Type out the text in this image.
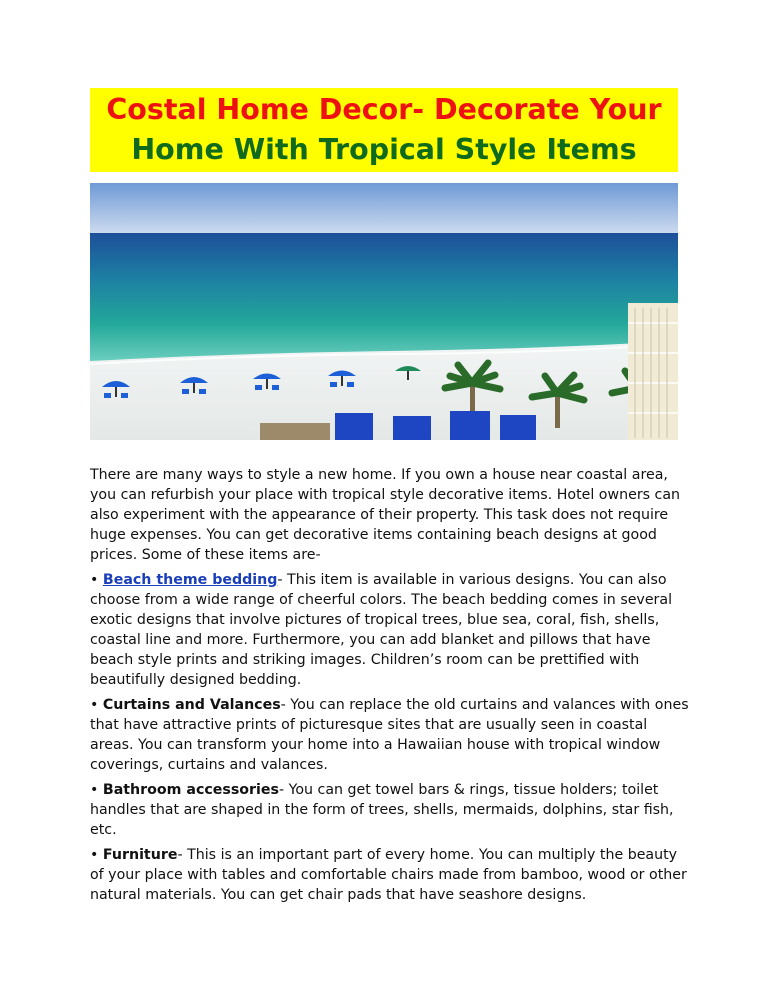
Costal Home Decor- Decorate Your
Home With Tropical Style Items

There are many ways to style a new home. If you own a house near coastal area, you can refurbish your place with tropical style decorative items. Hotel owners can also experiment with the appearance of their property. This task does not require huge expenses. You can get decorative items containing beach designs at good prices. Some of these items are-

• Beach theme bedding- This item is available in various designs. You can also choose from a wide range of cheerful colors. The beach bedding comes in several exotic designs that involve pictures of tropical trees, blue sea, coral, fish, shells, coastal line and more. Furthermore, you can add blanket and pillows that have beach style prints and striking images. Children’s room can be prettified with beautifully designed bedding.

• Curtains and Valances- You can replace the old curtains and valances with ones that have attractive prints of picturesque sites that are usually seen in coastal areas. You can transform your home into a Hawaiian house with tropical window coverings, curtains and valances.

• Bathroom accessories- You can get towel bars & rings, tissue holders; toilet handles that are shaped in the form of trees, shells, mermaids, dolphins, star fish, etc.

• Furniture- This is an important part of every home. You can multiply the beauty of your place with tables and comfortable chairs made from bamboo, wood or other natural materials. You can get chair pads that have seashore designs.
